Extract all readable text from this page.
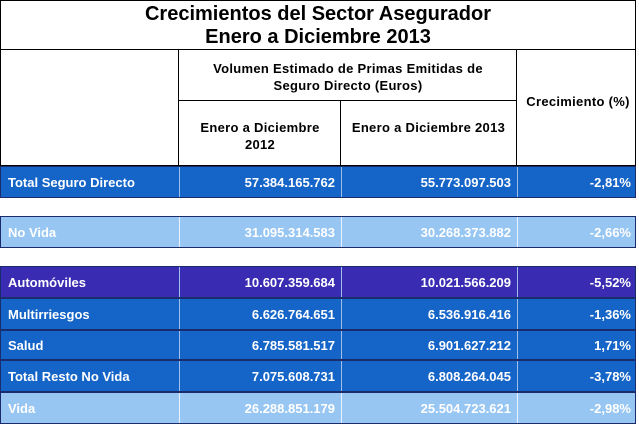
Crecimientos del Sector Asegurador
Enero a Diciembre 2013
Volumen Estimado de Primas Emitidas de Seguro Directo (Euros)
Enero a Diciembre 2012
Enero a Diciembre 2013
Crecimiento (%)
Total Seguro Directo	57.384.165.762	55.773.097.503	-2,81%
No Vida	31.095.314.583	30.268.373.882	-2,66%
Automóviles	10.607.359.684	10.021.566.209	-5,52%
Multirriesgos	6.626.764.651	6.536.916.416	-1,36%
Salud	6.785.581.517	6.901.627.212	1,71%
Total Resto No Vida	7.075.608.731	6.808.264.045	-3,78%
Vida	26.288.851.179	25.504.723.621	-2,98%
